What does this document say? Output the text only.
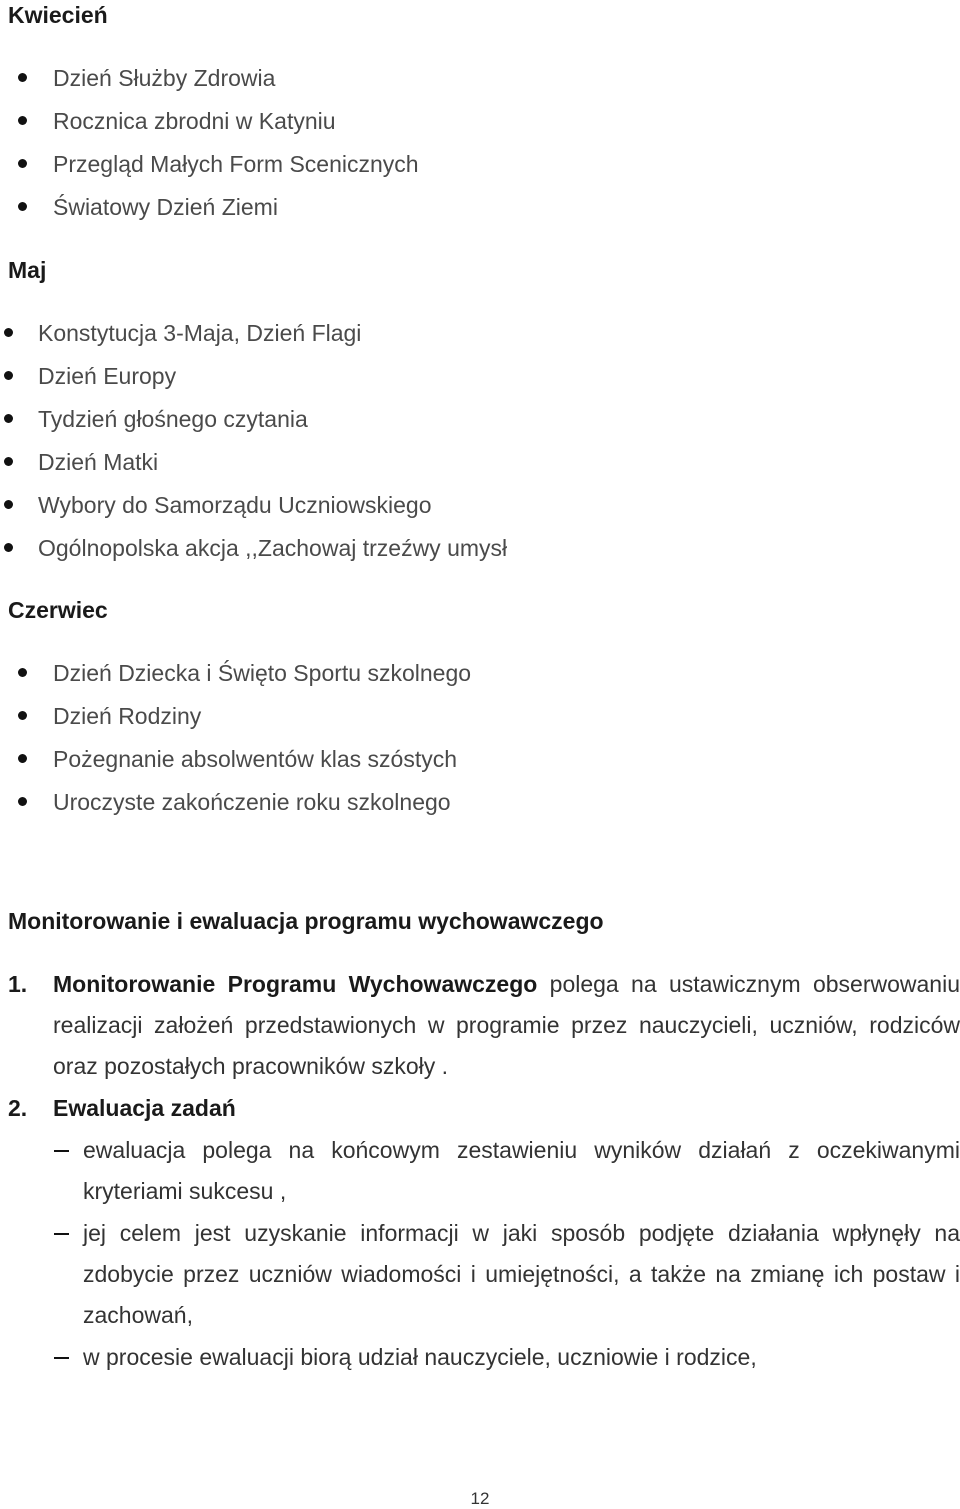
Kwiecień
Dzień Służby Zdrowia
Rocznica zbrodni w Katyniu
Przegląd Małych Form Scenicznych
Światowy Dzień Ziemi
Maj
Konstytucja 3-Maja, Dzień Flagi
Dzień Europy
Tydzień głośnego czytania
Dzień Matki
Wybory do Samorządu Uczniowskiego
Ogólnopolska akcja ,,Zachowaj trzeźwy umysł
Czerwiec
Dzień Dziecka i Święto Sportu szkolnego
Dzień Rodziny
Pożegnanie absolwentów klas szóstych
Uroczyste zakończenie roku szkolnego
Monitorowanie i ewaluacja programu wychowawczego
1. Monitorowanie Programu Wychowawczego polega na ustawicznym obserwowaniu realizacji założeń przedstawionych w programie przez nauczycieli, uczniów, rodziców oraz pozostałych pracowników szkoły .
2. Ewaluacja zadań
ewaluacja polega na końcowym zestawieniu wyników działań z oczekiwanymi kryteriami sukcesu ,
jej celem jest uzyskanie informacji w jaki sposób podjęte działania wpłynęły na zdobycie przez uczniów wiadomości i umiejętności, a także na zmianę ich postaw i zachowań,
w procesie ewaluacji biorą udział nauczyciele, uczniowie i rodzice,
12
